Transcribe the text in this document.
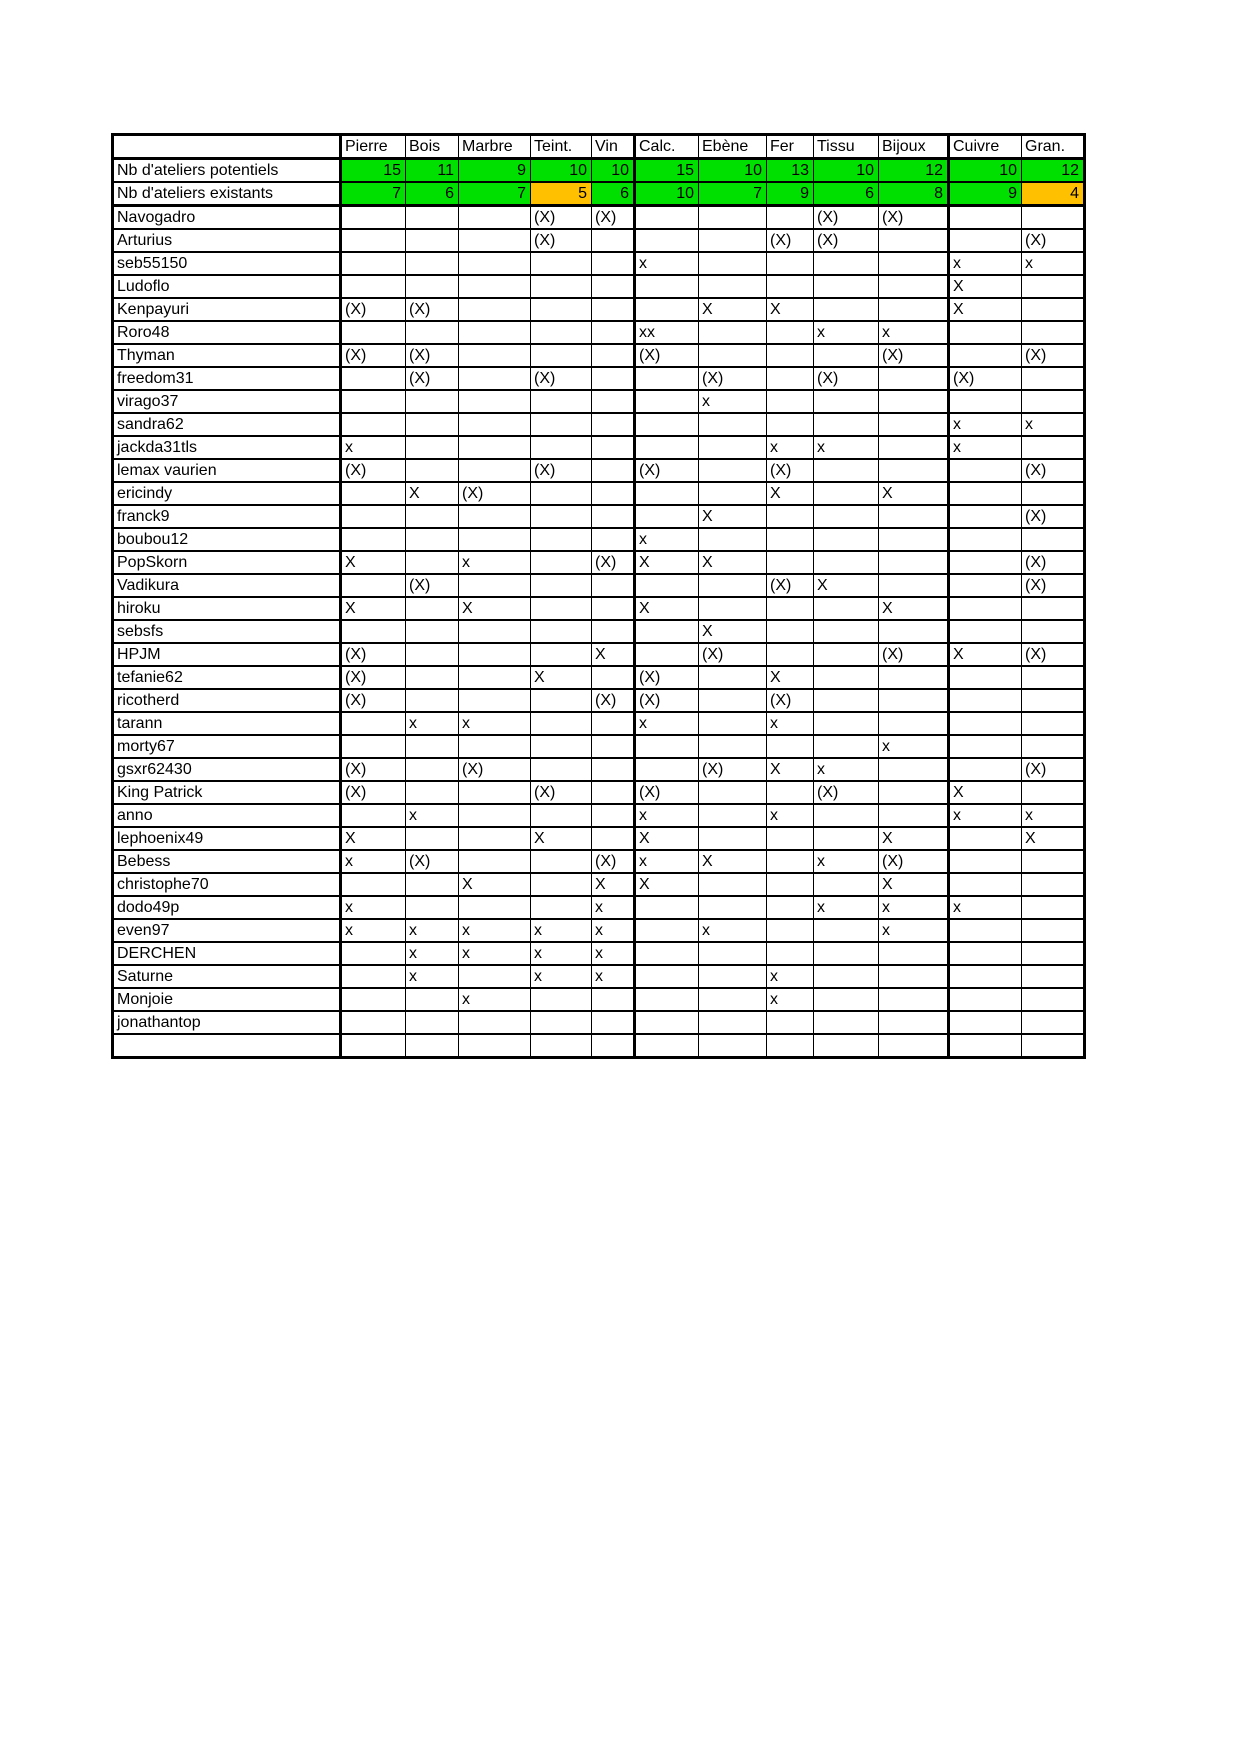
	Pierre	Bois	Marbre	Teint.	Vin	Calc.	Ebène	Fer	Tissu	Bijoux	Cuivre	Gran.
Nb d'ateliers potentiels	15	11	9	10	10	15	10	13	10	12	10	12
Nb d'ateliers existants	7	6	7	5	6	10	7	9	6	8	9	4
Navogadro				(X)	(X)				(X)	(X)		
Arturius				(X)				(X)	(X)			(X)
seb55150						x					x	x
Ludoflo											X	
Kenpayuri	(X)	(X)					X	X			X	
Roro48						xx			x	x		
Thyman	(X)	(X)				(X)				(X)		(X)
freedom31		(X)		(X)			(X)		(X)		(X)	
virago37							x					
sandra62											x	x
jackda31tls	x							x	x		x	
lemax vaurien	(X)			(X)		(X)		(X)				(X)
ericindy		X	(X)					X		X		
franck9							X					(X)
boubou12						x						
PopSkorn	X		x		(X)	X	X					(X)
Vadikura		(X)						(X)	X			(X)
hiroku	X		X			X				X		
sebsfs							X					
HPJM	(X)				X		(X)			(X)	X	(X)
tefanie62	(X)			X		(X)		X				
ricotherd	(X)				(X)	(X)		(X)				
tarann		x	x			x		x				
morty67										x		
gsxr62430	(X)		(X)				(X)	X	x			(X)
King Patrick	(X)			(X)		(X)			(X)		X	
anno		x				x		x			x	x
lephoenix49	X			X		X				X		X
Bebess	x	(X)			(X)	x	X		x	(X)		
christophe70			X		X	X				X		
dodo49p	x				x				x	x	x	
even97	x	x	x	x	x		x			x		
DERCHEN		x	x	x	x							
Saturne		x		x	x			x				
Monjoie			x					x				
jonathantop												
